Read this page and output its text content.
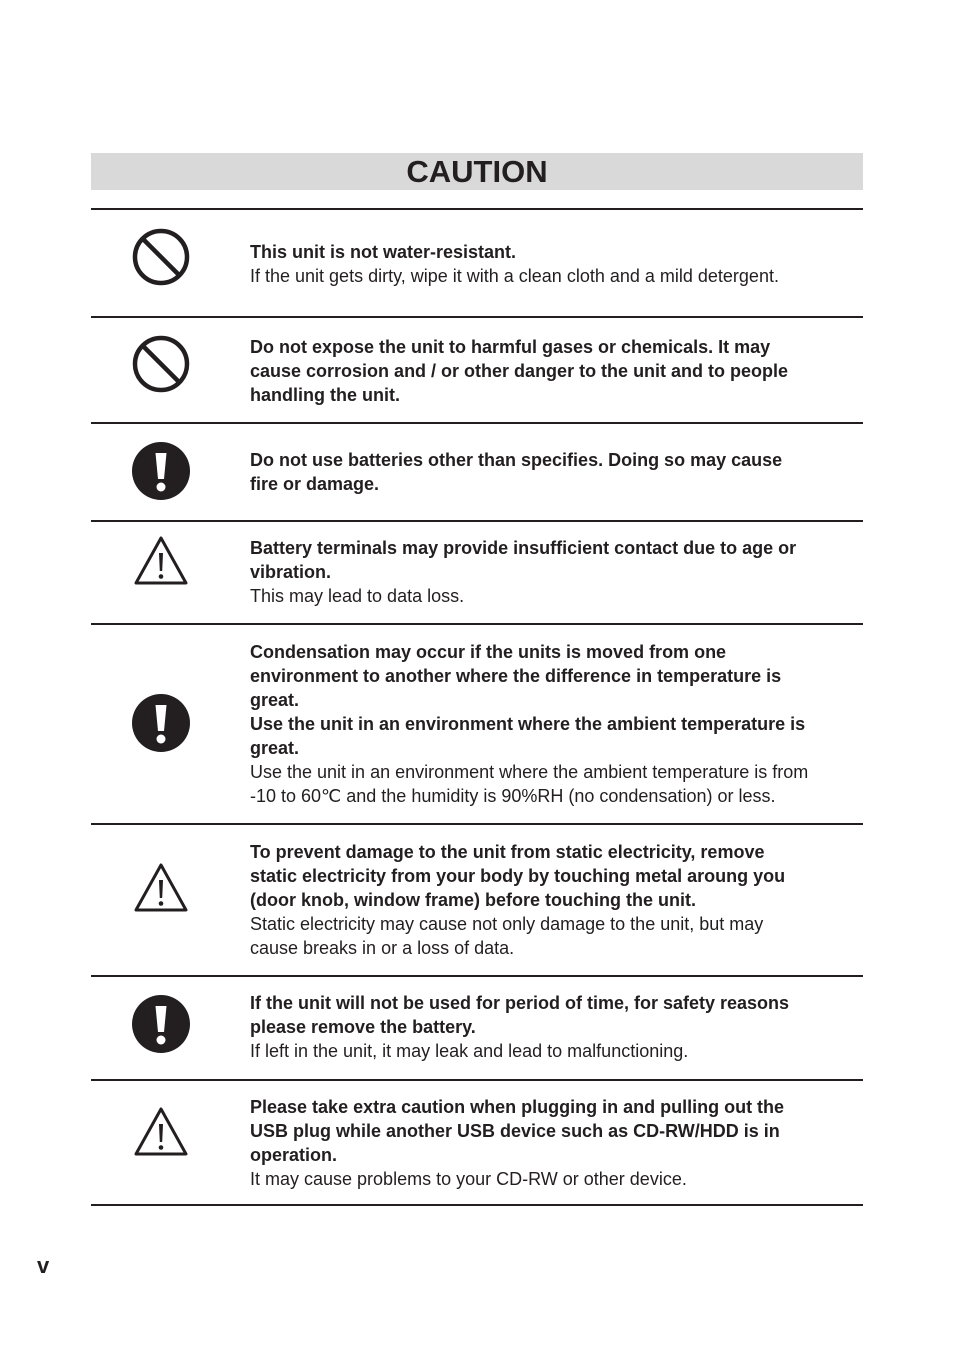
CAUTION
This unit is not water-resistant.
If the unit gets dirty, wipe it with a clean cloth and a mild detergent.
Do not expose the unit to harmful gases or chemicals. It may
cause corrosion and / or other danger to the unit and to people
handling the unit.
Do not use batteries other than specifies. Doing so may cause
fire or damage.
Battery terminals may provide insufficient contact due to age or
vibration.
This may lead to data loss.
Condensation may occur if the units is moved from one
environment to another where the difference in temperature is
great.
Use the unit in an environment where the ambient temperature is
great.
Use the unit in an environment where the ambient temperature is from
-10 to 60℃ and the humidity is 90%RH (no condensation) or less.
To prevent damage to the unit from static electricity, remove
static electricity from your body by touching metal aroung you
(door knob, window frame) before touching the unit.
Static electricity may cause not only damage to the unit, but may
cause breaks in or a loss of data.
If the unit will not be used for period of time, for safety reasons
please remove the battery.
If left in the unit, it may leak and lead to malfunctioning.
Please take extra caution when plugging in and pulling out the
USB plug while another USB device such as CD-RW/HDD is in
operation.
It may cause problems to your CD-RW or other device.
v
